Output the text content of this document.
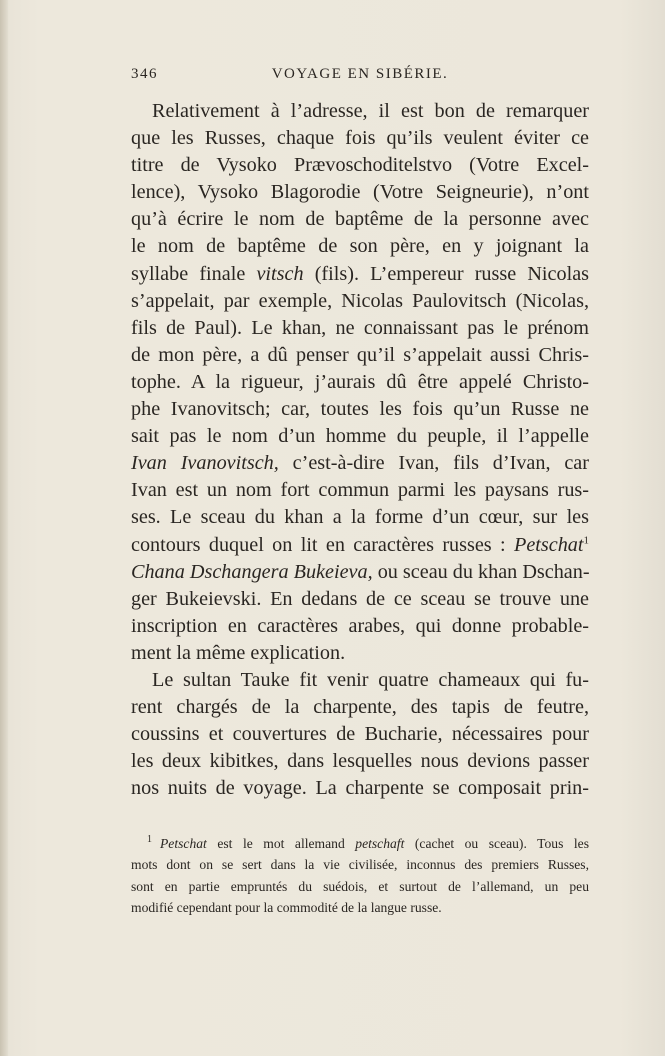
346	VOYAGE EN SIBÉRIE.
Relativement à l’adresse, il est bon de remarquer
que les Russes, chaque fois qu’ils veulent éviter ce
titre de Vysoko Prævoschoditelstvo (Votre Excel-
lence), Vysoko Blagorodie (Votre Seigneurie), n’ont
qu’à écrire le nom de baptême de la personne avec
le nom de baptême de son père, en y joignant la
syllabe finale vitsch (fils). L’empereur russe Nicolas
s’appelait, par exemple, Nicolas Paulovitsch (Nicolas,
fils de Paul). Le khan, ne connaissant pas le prénom
de mon père, a dû penser qu’il s’appelait aussi Chris-
tophe. A la rigueur, j’aurais dû être appelé Christo-
phe Ivanovitsch; car, toutes les fois qu’un Russe ne
sait pas le nom d’un homme du peuple, il l’appelle
Ivan Ivanovitsch, c’est-à-dire Ivan, fils d’Ivan, car
Ivan est un nom fort commun parmi les paysans rus-
ses. Le sceau du khan a la forme d’un cœur, sur les
contours duquel on lit en caractères russes : Petschat$^1$
Chana Dschangera Bukeieva, ou sceau du khan Dschan-
ger Bukeievski. En dedans de ce sceau se trouve une
inscription en caractères arabes, qui donne probable-
ment la même explication.
Le sultan Tauke fit venir quatre chameaux qui fu-
rent chargés de la charpente, des tapis de feutre,
coussins et couvertures de Bucharie, nécessaires pour
les deux kibitkes, dans lesquelles nous devions passer
nos nuits de voyage. La charpente se composait prin-
$^1$ Petschat est le mot allemand petschaft (cachet ou sceau). Tous les
mots dont on se sert dans la vie civilisée, inconnus des premiers Russes,
sont en partie empruntés du suédois, et surtout de l’allemand, un peu
modifié cependant pour la commodité de la langue russe.
